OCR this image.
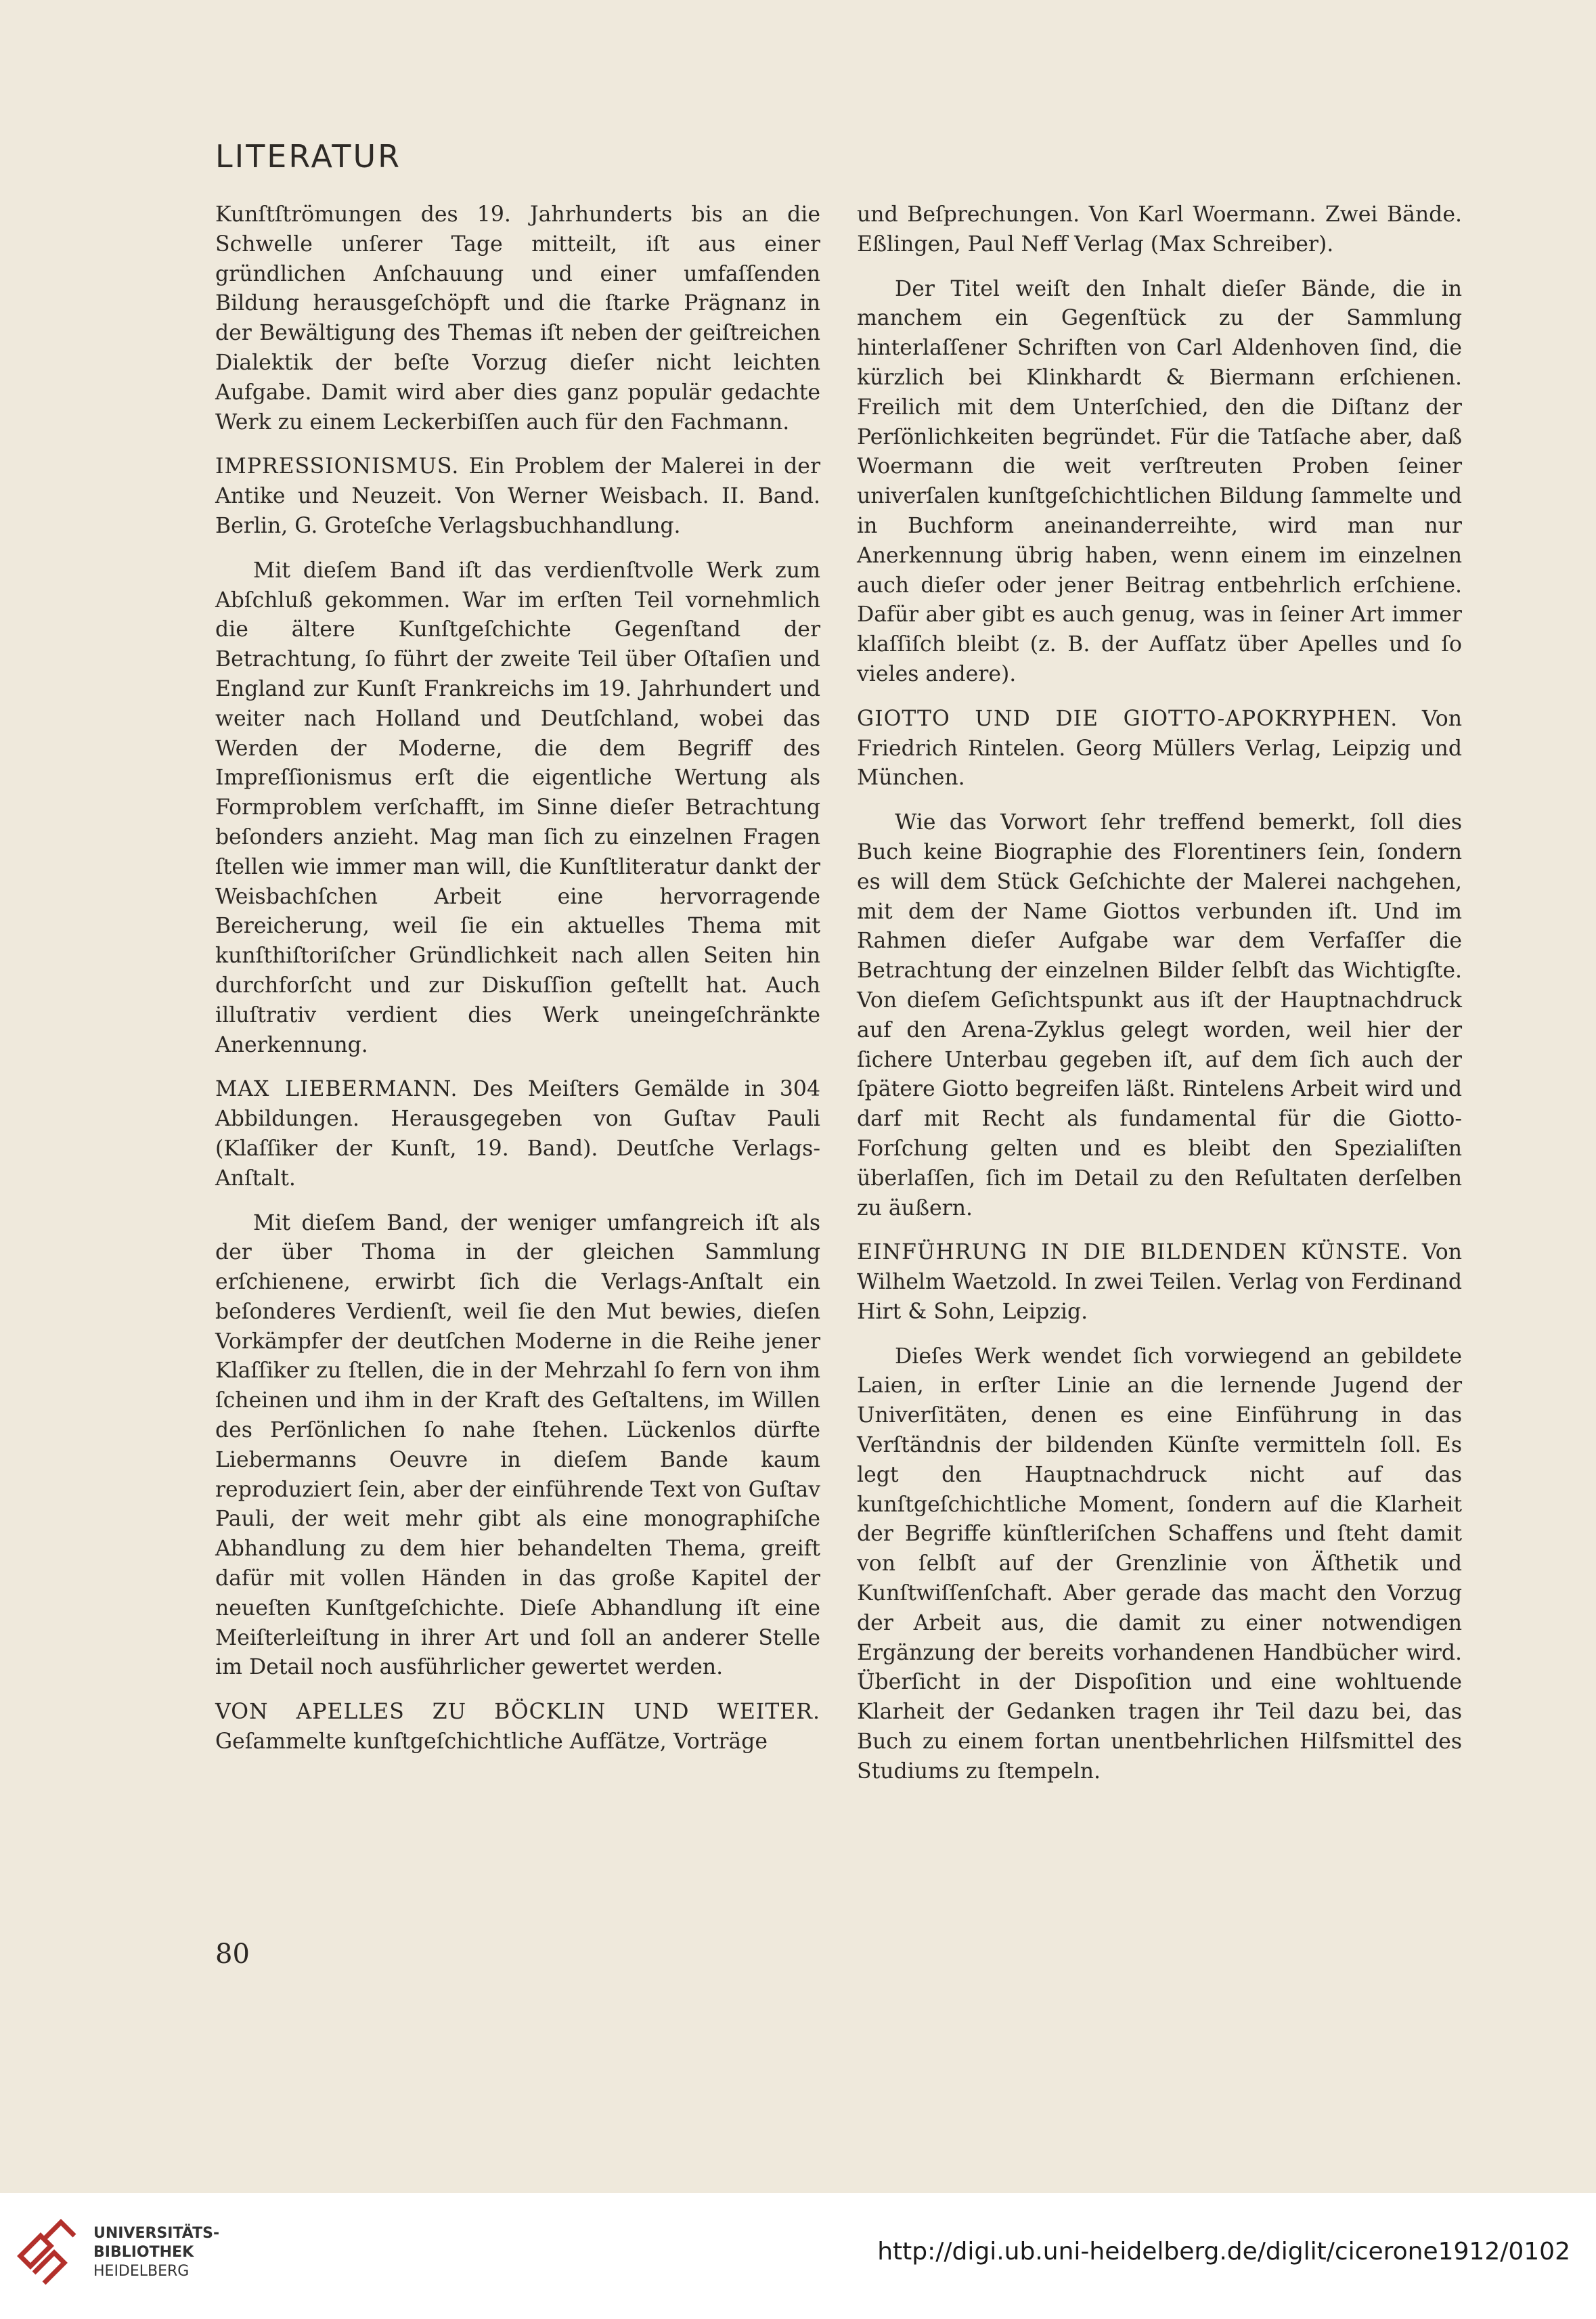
LITERATUR

Kunſtſtrömungen des 19. Jahrhunderts bis an die Schwelle unſerer Tage mitteilt, iſt aus einer gründlichen Anſchauung und einer umfaſſenden Bildung herausgeſchöpft und die ſtarke Prägnanz in der Bewältigung des Themas iſt neben der geiſtreichen Dialektik der beſte Vorzug dieſer nicht leichten Aufgabe. Damit wird aber dies ganz populär gedachte Werk zu einem Leckerbiſſen auch für den Fachmann.

IMPRESSIONISMUS. Ein Problem der Malerei in der Antike und Neuzeit. Von Werner Weisbach. II. Band. Berlin, G. Groteſche Verlagsbuchhandlung.

Mit dieſem Band iſt das verdienſtvolle Werk zum Abſchluß gekommen. War im erſten Teil vornehmlich die ältere Kunſtgeſchichte Gegenſtand der Betrachtung, ſo führt der zweite Teil über Oſtaſien und England zur Kunſt Frankreichs im 19. Jahrhundert und weiter nach Holland und Deutſchland, wobei das Werden der Moderne, die dem Begriff des Impreſſionismus erſt die eigentliche Wertung als Formproblem verſchafft, im Sinne dieſer Betrachtung beſonders anzieht. Mag man ſich zu einzelnen Fragen ſtellen wie immer man will, die Kunſtliteratur dankt der Weisbachſchen Arbeit eine hervorragende Bereicherung, weil ſie ein aktuelles Thema mit kunſthiſtoriſcher Gründlichkeit nach allen Seiten hin durchforſcht und zur Diskuſſion geſtellt hat. Auch illuſtrativ verdient dies Werk uneingeſchränkte Anerkennung.

MAX LIEBERMANN. Des Meiſters Gemälde in 304 Abbildungen. Herausgegeben von Guſtav Pauli (Klaſſiker der Kunſt, 19. Band). Deutſche Verlags-Anſtalt.

Mit dieſem Band, der weniger umfangreich iſt als der über Thoma in der gleichen Sammlung erſchienene, erwirbt ſich die Verlags-Anſtalt ein beſonderes Verdienſt, weil ſie den Mut bewies, dieſen Vorkämpfer der deutſchen Moderne in die Reihe jener Klaſſiker zu ſtellen, die in der Mehrzahl ſo fern von ihm ſcheinen und ihm in der Kraft des Geſtaltens, im Willen des Perſönlichen ſo nahe ſtehen. Lückenlos dürfte Liebermanns Oeuvre in dieſem Bande kaum reproduziert ſein, aber der einführende Text von Guſtav Pauli, der weit mehr gibt als eine monographiſche Abhandlung zu dem hier behandelten Thema, greift dafür mit vollen Händen in das große Kapitel der neueſten Kunſtgeſchichte. Dieſe Abhandlung iſt eine Meiſterleiſtung in ihrer Art und ſoll an anderer Stelle im Detail noch ausführlicher gewertet werden.

VON APELLES ZU BÖCKLIN UND WEITER. Geſammelte kunſtgeſchichtliche Aufſätze, Vorträge

und Beſprechungen. Von Karl Woermann. Zwei Bände. Eßlingen, Paul Neff Verlag (Max Schreiber).

Der Titel weiſt den Inhalt dieſer Bände, die in manchem ein Gegenſtück zu der Sammlung hinterlaſſener Schriften von Carl Aldenhoven ſind, die kürzlich bei Klinkhardt & Biermann erſchienen. Freilich mit dem Unterſchied, den die Diſtanz der Perſönlichkeiten begründet. Für die Tatſache aber, daß Woermann die weit verſtreuten Proben ſeiner univerſalen kunſtgeſchichtlichen Bildung ſammelte und in Buchform aneinanderreihte, wird man nur Anerkennung übrig haben, wenn einem im einzelnen auch dieſer oder jener Beitrag entbehrlich erſchiene. Dafür aber gibt es auch genug, was in ſeiner Art immer klaſſiſch bleibt (z. B. der Aufſatz über Apelles und ſo vieles andere).

GIOTTO UND DIE GIOTTO-APOKRYPHEN. Von Friedrich Rintelen. Georg Müllers Verlag, Leipzig und München.

Wie das Vorwort ſehr treffend bemerkt, ſoll dies Buch keine Biographie des Florentiners ſein, ſondern es will dem Stück Geſchichte der Malerei nachgehen, mit dem der Name Giottos verbunden iſt. Und im Rahmen dieſer Aufgabe war dem Verfaſſer die Betrachtung der einzelnen Bilder ſelbſt das Wichtigſte. Von dieſem Geſichtspunkt aus iſt der Hauptnachdruck auf den Arena-Zyklus gelegt worden, weil hier der ſichere Unterbau gegeben iſt, auf dem ſich auch der ſpätere Giotto begreifen läßt. Rintelens Arbeit wird und darf mit Recht als fundamental für die Giotto-Forſchung gelten und es bleibt den Spezialiſten überlaſſen, ſich im Detail zu den Reſultaten derſelben zu äußern.

EINFÜHRUNG IN DIE BILDENDEN KÜNSTE. Von Wilhelm Waetzold. In zwei Teilen. Verlag von Ferdinand Hirt & Sohn, Leipzig.

Dieſes Werk wendet ſich vorwiegend an gebildete Laien, in erſter Linie an die lernende Jugend der Univerſitäten, denen es eine Einführung in das Verſtändnis der bildenden Künſte vermitteln ſoll. Es legt den Hauptnachdruck nicht auf das kunſtgeſchichtliche Moment, ſondern auf die Klarheit der Begriffe künſtleriſchen Schaffens und ſteht damit von ſelbſt auf der Grenzlinie von Äſthetik und Kunſtwiſſenſchaft. Aber gerade das macht den Vorzug der Arbeit aus, die damit zu einer notwendigen Ergänzung der bereits vorhandenen Handbücher wird. Überſicht in der Dispoſition und eine wohltuende Klarheit der Gedanken tragen ihr Teil dazu bei, das Buch zu einem fortan unentbehrlichen Hilfsmittel des Studiums zu ſtempeln.

80
UNIVERSITÄTS-
BIBLIOTHEK
HEIDELBERG
http://digi.ub.uni-heidelberg.de/diglit/cicerone1912/0102
